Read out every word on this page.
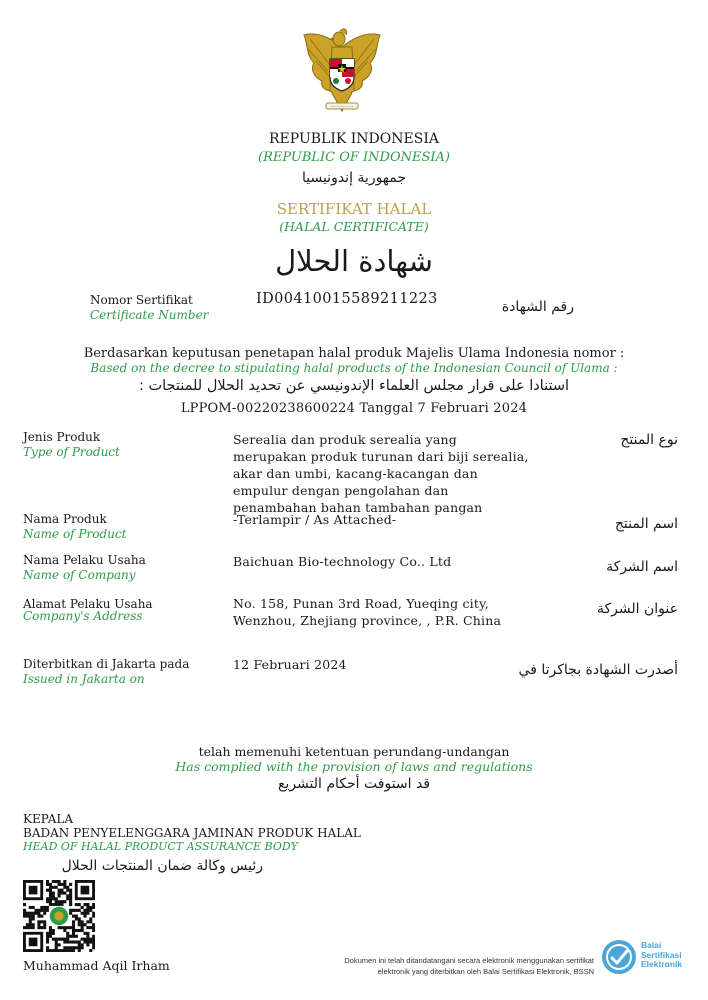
~~~~~~~~
REPUBLIK INDONESIA
(REPUBLIC OF INDONESIA)
جمهورية إندونيسيا
SERTIFIKAT HALAL
(HALAL CERTIFICATE)
شهادة الحلال
Nomor Sertifikat
Certificate Number
ID00410015589211223	رقم الشهادة
Berdasarkan keputusan penetapan halal produk Majelis Ulama Indonesia nomor :
Based on the decree to stipulating halal products of the Indonesian Council of Ulama :
استنادا على قرار مجلس العلماء الإندونيسي عن تحديد الحلال للمنتجات :
LPPOM-00220238600224 Tanggal 7 Februari 2024
Jenis Produk
Type of Product
Serealia dan produk serealia yang merupakan produk turunan dari biji serealia, akar dan umbi, kacang-kacangan dan empulur dengan pengolahan dan penambahan bahan tambahan pangan
نوع المنتج
Nama Produk
Name of Product
-Terlampir / As Attached-	اسم المنتج
Nama Pelaku Usaha
Name of Company
Baichuan Bio-technology Co.. Ltd	اسم الشركة
Alamat Pelaku Usaha
Company's Address
No. 158, Punan 3rd Road, Yueqing city, Wenzhou, Zhejiang province, , P.R. China
عنوان الشركة
Diterbitkan di Jakarta pada
Issued in Jakarta on
12 Februari 2024	أصدرت الشهادة بجاكرتا في
telah memenuhi ketentuan perundang-undangan
Has complied with the provision of laws and regulations
قد استوفت أحكام التشريع
KEPALA
BADAN PENYELENGGARA JAMINAN PRODUK HALAL
HEAD OF HALAL PRODUCT ASSURANCE BODY
رئيس وكالة ضمان المنتجات الحلال
Muhammad Aqil Irham	Dokumen ini telah ditandatangani secara elektronik menggunakan sertifikat
elektronik yang diterbitkan oleh Balai Sertifikasi Elektronik, BSSN
Balai
Sertifikasi
Elektronik
